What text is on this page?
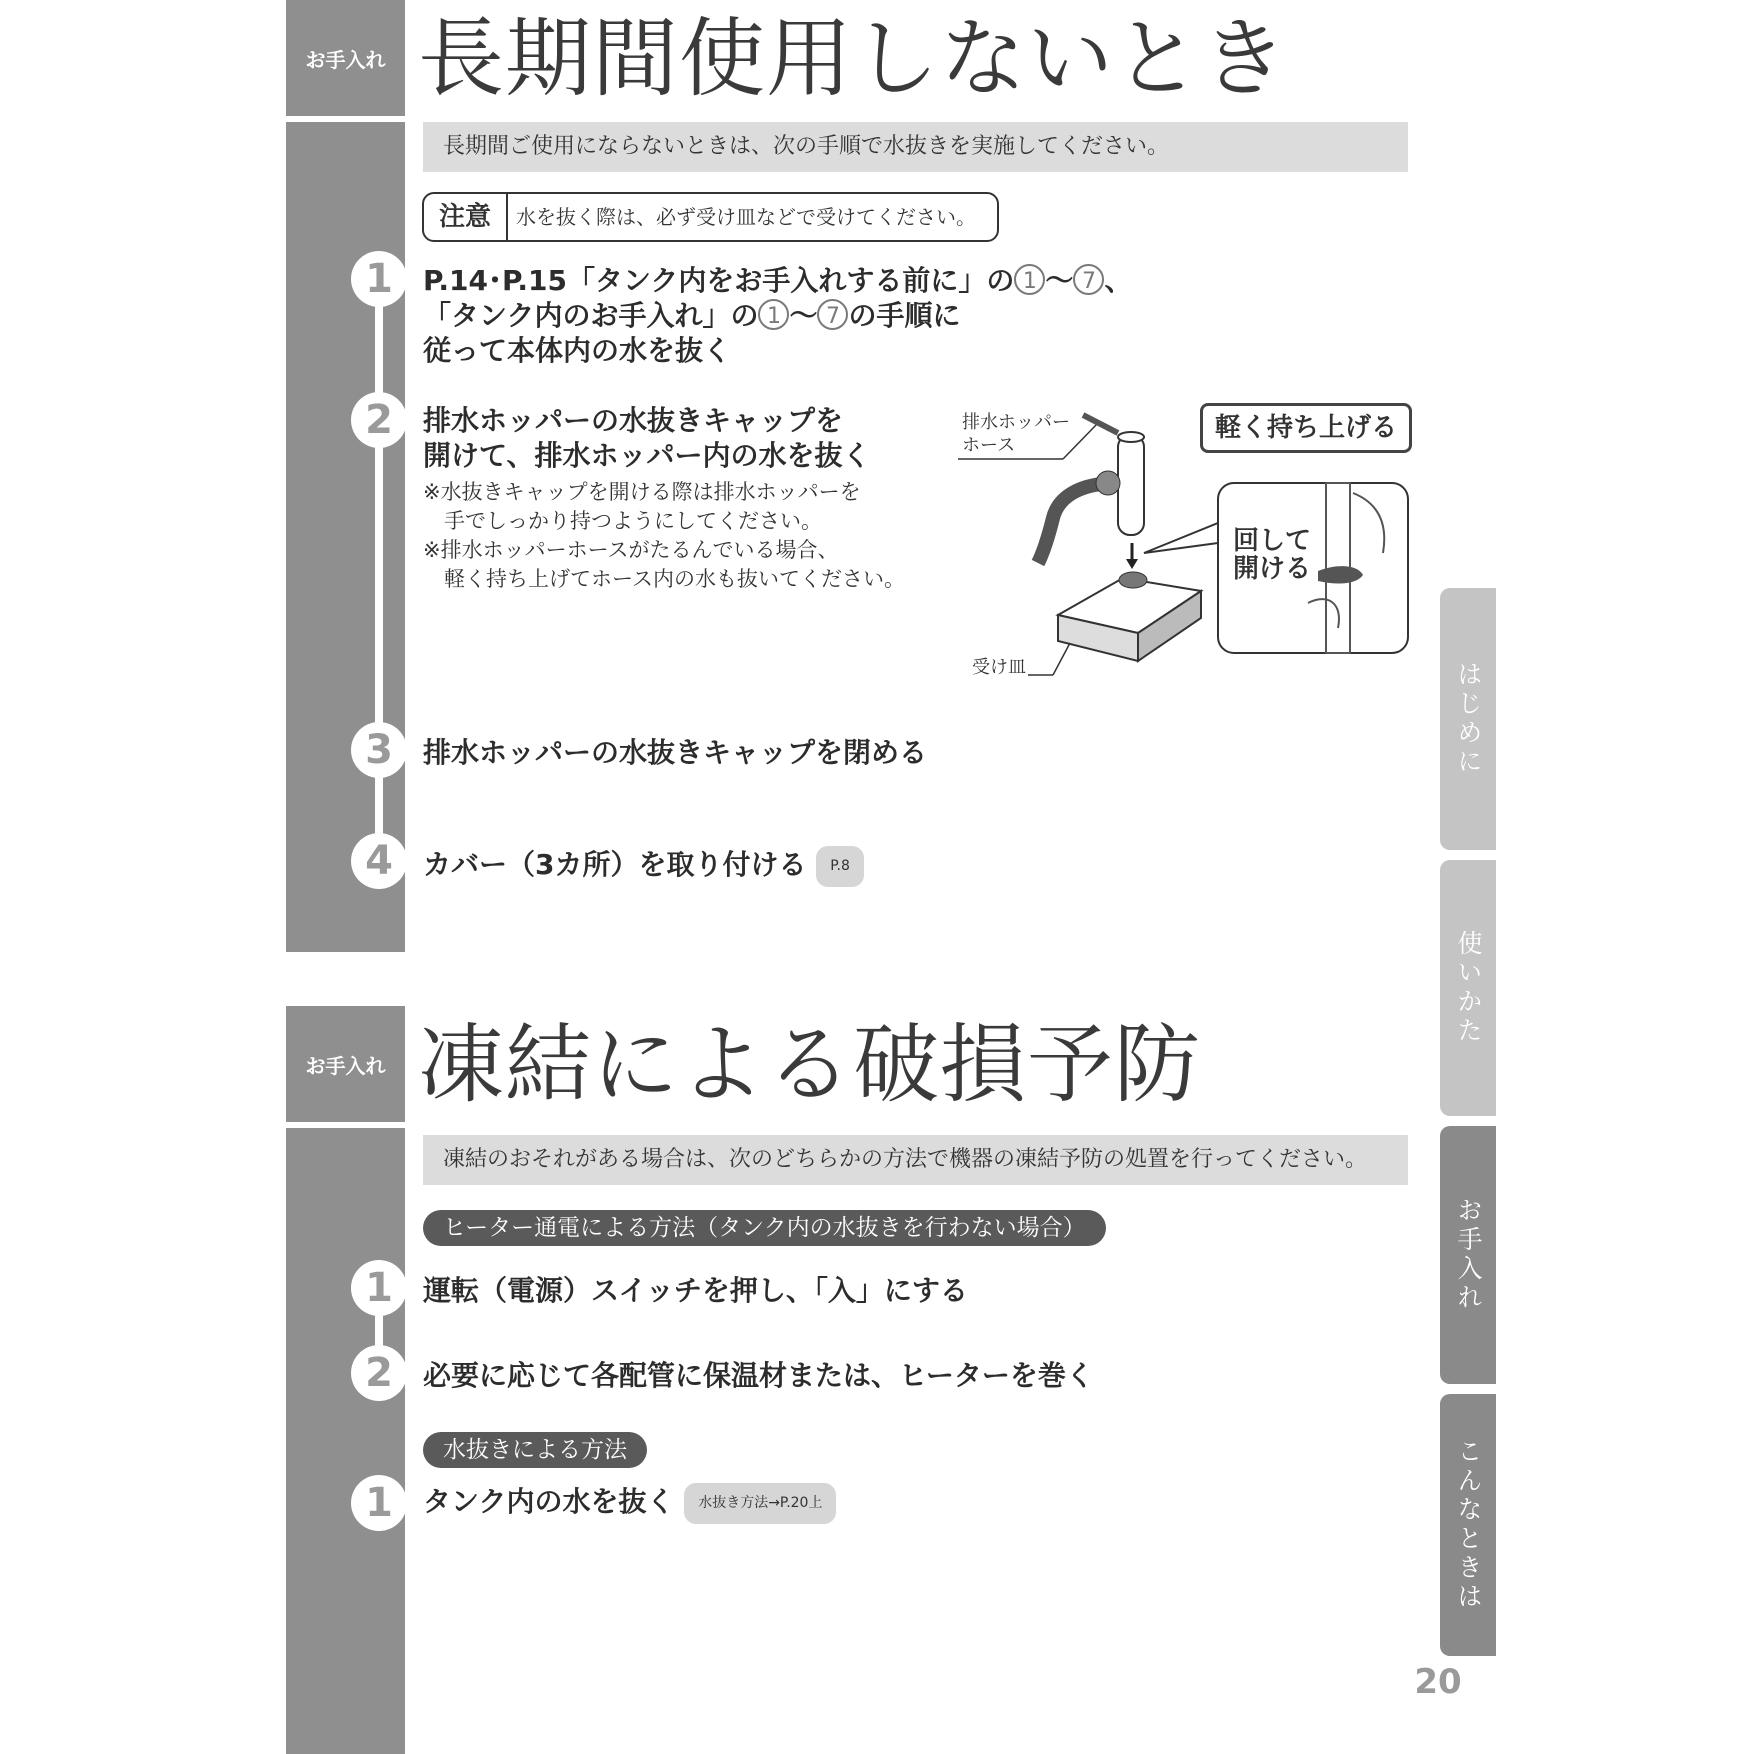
お手入れ 長期間使用しないとき
長期間ご使用にならないときは、次の手順で水抜きを実施してください。
注意	水を抜く際は、必ず受け皿などで受けてください。
1	P.14･P.15「タンク内をお手入れする前に」の 1 〜 7 、
「タンク内のお手入れ」の 1 〜 7 の手順に
従って本体内の水を抜く
2	排水ホッパーの水抜きキャップを
開けて、排水ホッパー内の水を抜く
※水抜きキャップを開ける際は排水ホッパーを
　手でしっかり持つようにしてください。
※排水ホッパーホースがたるんでいる場合、
　軽く持ち上げてホース内の水も抜いてください。
排水ホッパー
ホース
軽く持ち上げる
回して
開ける
受け皿
3	排水ホッパーの水抜きキャップを閉める
4	カバー（3カ所）を取り付ける P.8
お手入れ 凍結による破損予防
凍結のおそれがある場合は、次のどちらかの方法で機器の凍結予防の処置を行ってください。
ヒーター通電による方法（タンク内の水抜きを行わない場合）
1	運転（電源）スイッチを押し、「入」にする
2	必要に応じて各配管に保温材または、ヒーターを巻く
水抜きによる方法
1	タンク内の水を抜く 水抜き方法→P.20上
はじめに
使いかた
お手入れ
こんなときは
20
